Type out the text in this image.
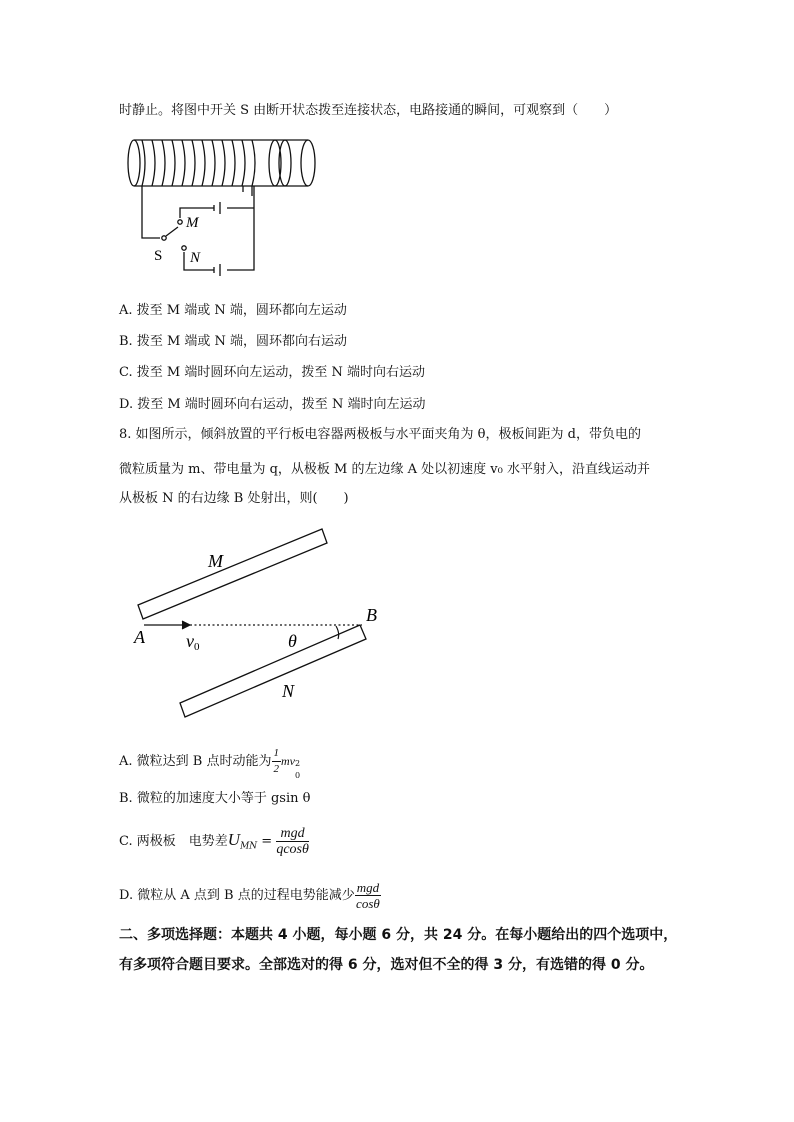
时静止。将图中开关 S 由断开状态拨至连接状态，电路接通的瞬间，可观察到（　　）
M
N
S
A. 拨至 M 端或 N 端，圆环都向左运动
B. 拨至 M 端或 N 端，圆环都向右运动
C. 拨至 M 端时圆环向左运动，拨至 N 端时向右运动
D. 拨至 M 端时圆环向右运动，拨至 N 端时向左运动
8. 如图所示，倾斜放置的平行板电容器两极板与水平面夹角为 θ，极板间距为 d，带负电的
微粒质量为 m、带电量为 q，从极板 M 的左边缘 A 处以初速度 v₀ 水平射入，沿直线运动并
从极板 N 的右边缘 B 处射出，则(　　)
M
N
A
B
θ
v0
A. 微粒达到 B 点时动能为 $\frac{1}{2}$ mv 2
0
B. 微粒的加速度大小等于 gsin θ
C. 两极板　电势差$U_{MN} = \frac{\text{mgd}}{qcos\theta}$
D. 微粒从 A 点到 B 点的过程电势能减少 $\frac{\text{mgd}}{\cos\theta}$
二、多项选择题：本题共 4 小题，每小题 6 分，共 24 分。在每小题给出的四个选项中，有多项符合题目要求。全部选对的得 6 分，选对但不全的得 3 分，有选错的得 0 分。
